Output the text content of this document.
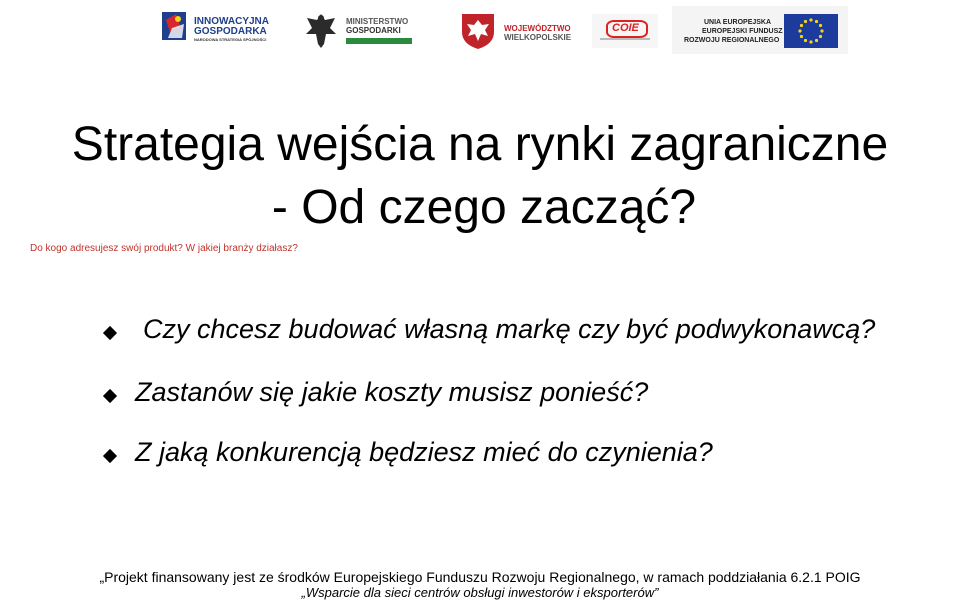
INNOWACYJNA
GOSPODARKA
NARODOWA STRATEGIA SPÓJNOŚCI
MINISTERSTWO
GOSPODARKI	WOJEWÓDZTWO
WIELKOPOLSKIE
COIE	UNIA EUROPEJSKA
EUROPEJSKI FUNDUSZ
ROZWOJU REGIONALNEGO
Strategia wejścia na rynki zagraniczne
- Od czego zacząć?
Do kogo adresujesz swój produkt? W jakiej branży działasz?
Czy chcesz budować własną markę czy być podwykonawcą?
Zastanów się jakie koszty musisz ponieść?
Z jaką konkurencją będziesz mieć do czynienia?
„Projekt finansowany jest ze środków Europejskiego Funduszu Rozwoju Regionalnego, w ramach poddziałania 6.2.1 POIG
„Wsparcie dla sieci centrów obsługi inwestorów i eksporterów”
